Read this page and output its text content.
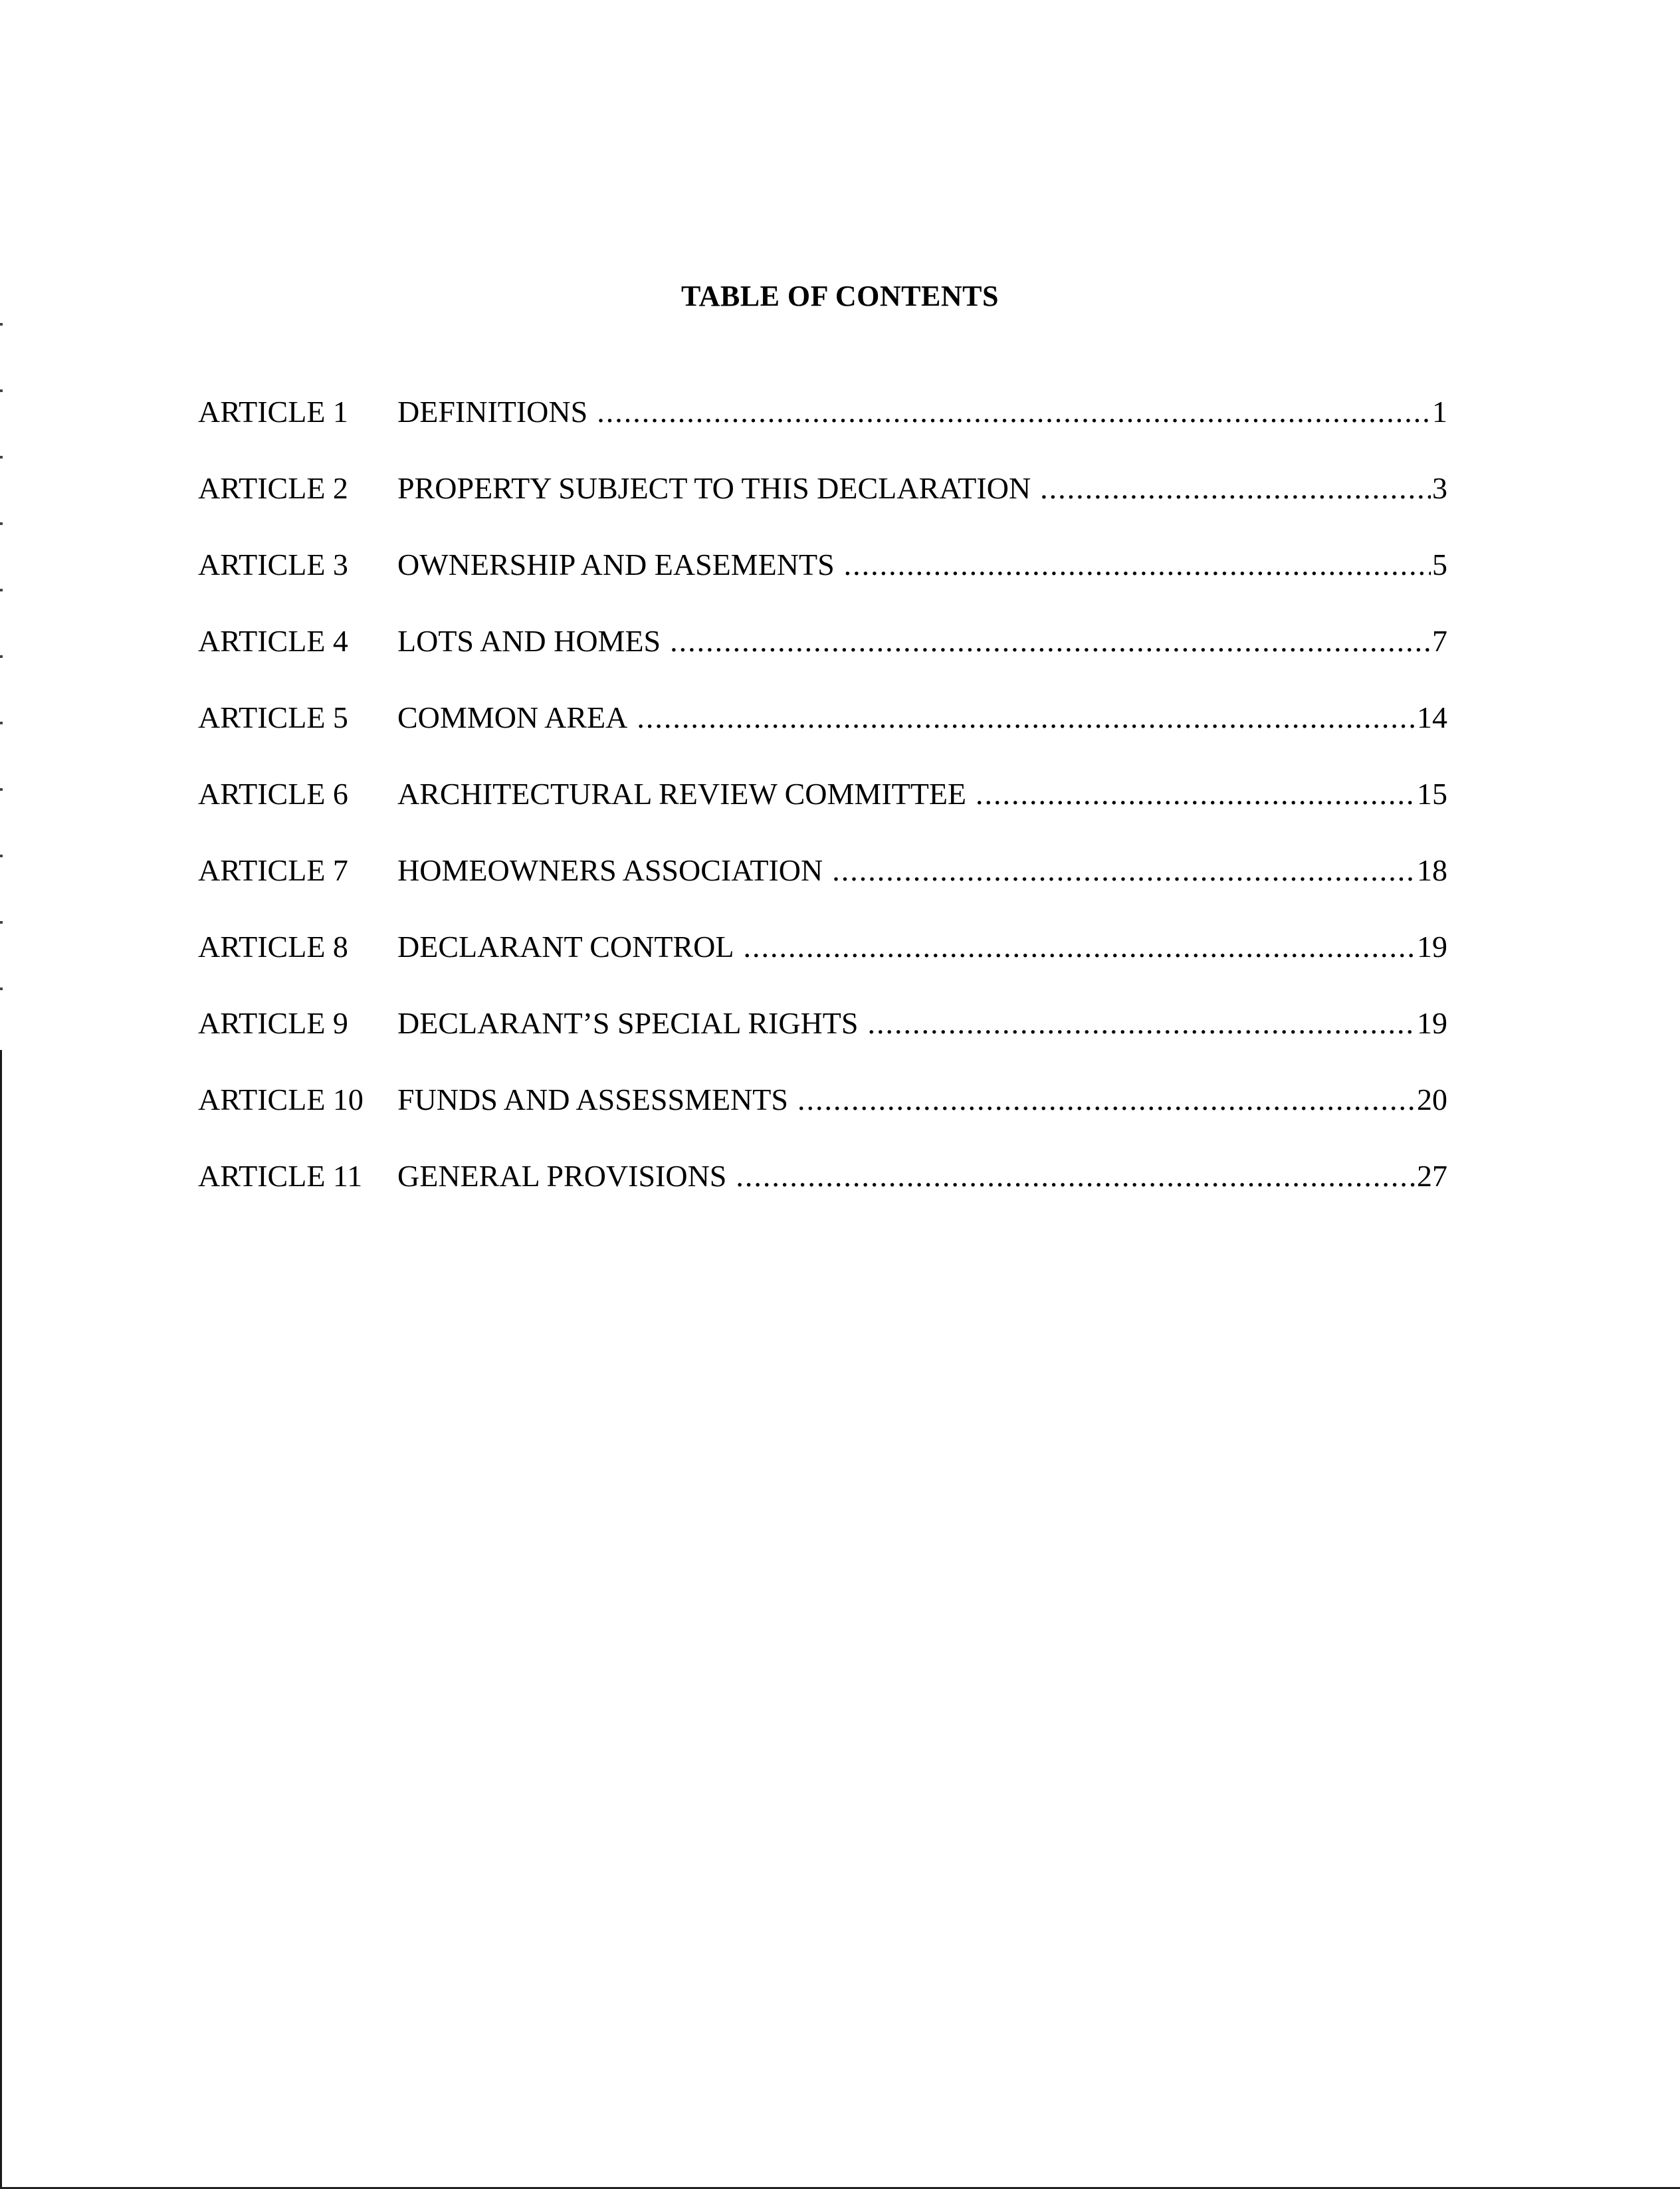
TABLE OF CONTENTS
ARTICLE 1	DEFINITIONS .....	1
ARTICLE 2	PROPERTY SUBJECT TO THIS DECLARATION .....	3
ARTICLE 3	OWNERSHIP AND EASEMENTS .....	5
ARTICLE 4	LOTS AND HOMES .....	7
ARTICLE 5	COMMON AREA .....	14
ARTICLE 6	ARCHITECTURAL REVIEW COMMITTEE .....	15
ARTICLE 7	HOMEOWNERS ASSOCIATION .....	18
ARTICLE 8	DECLARANT CONTROL .....	19
ARTICLE 9	DECLARANT’S SPECIAL RIGHTS .....	19
ARTICLE 10	FUNDS AND ASSESSMENTS .....	20
ARTICLE 11	GENERAL PROVISIONS .....	27
